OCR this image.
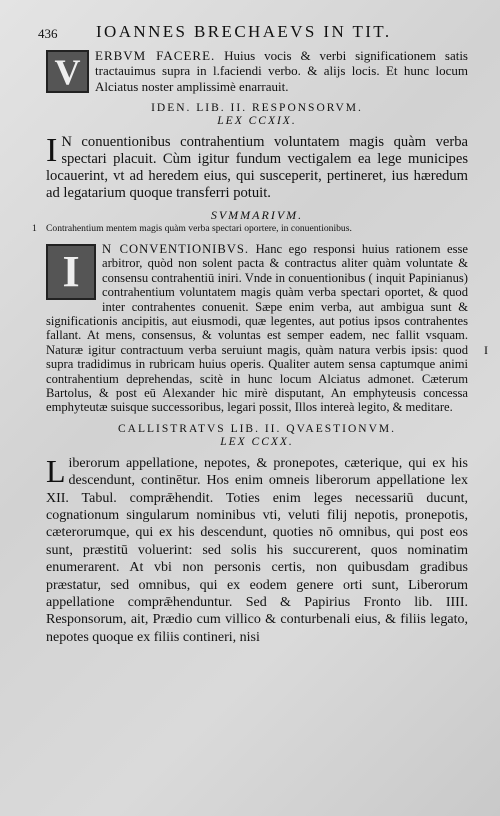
436 IOANNES BRECHAEVS IN TIT.
V	ERBVM FACERE. Huius vocis & verbi significationem satis tractauimus supra in l.faciendi verbo. & alijs locis. Et hunc locum Alciatus noster amplissimè enarrauit.
IDEN. LIB. II. RESPONSORVM.
LEX CCXIX.
I N conuentionibus contrahentium voluntatem magis quàm verba spectari placuit. Cùm igitur fundum vectigalem ea lege municipes locauerint, vt ad heredem eius, qui susceperit, pertineret, ius hæredum ad legatarium quoque transferri potuit.
SVMMARIVM.
1 Contrahentium mentem magis quàm verba spectari oportere, in conuentionibus.
I	N CONVENTIONIBVS. Hanc ego responsi huius rationem esse arbitror, quòd non solent pacta & contractus aliter quàm voluntate & consensu contrahentiū iniri. Vnde in conuentionibus ( inquit Papinianus) contrahentium voluntatem magis quàm verba spectari oportet, & quod inter contrahentes conuenit. Sæpe enim verba, aut ambigua sunt & significationis ancipitis, aut eiusmodi, quæ legentes, aut potius ipsos contrahentes fallant. At mens, consensus, & voluntas est semper eadem, nec fallit vsquam. Naturæ igitur contractuum verba seruiunt magis, quàm natura verbis ipsis: quod supra tradidimus in rubricam huius operis. Qualiter autem sensa captumque animi contrahentium deprehendas, scitè in hunc locum Alciatus admonet. Cæterum Bartolus, & post eū Alexander hic mirè disputant, An emphyteusis concessa emphyteutæ suisque successoribus, legari possit, Illos intereà legito, & meditare.
I
CALLISTRATVS LIB. II. QVAESTIONVM.
LEX CCXX.
Liberorum appellatione, nepotes, & pronepotes, cæterique, qui ex his descendunt, continētur. Hos enim omneis liberorum appellatione lex XII. Tabul. comprǣhendit. Toties enim leges necessariū ducunt, cognationum singularum nominibus vti, veluti filij nepotis, pronepotis, cæterorumque, qui ex his descendunt, quoties nō omnibus, qui post eos sunt, præstitū voluerint: sed solis his succurerent, quos nominatim enumerarent. At vbi non personis certis, non quibusdam gradibus præstatur, sed omnibus, qui ex eodem genere orti sunt, Liberorum appellatione comprǣhenduntur. Sed & Papirius Fronto lib. IIII. Responsorum, ait, Prædio cum villico & conturbenali eius, & filiis legato, nepotes quoque ex filiis contineri, nisi
